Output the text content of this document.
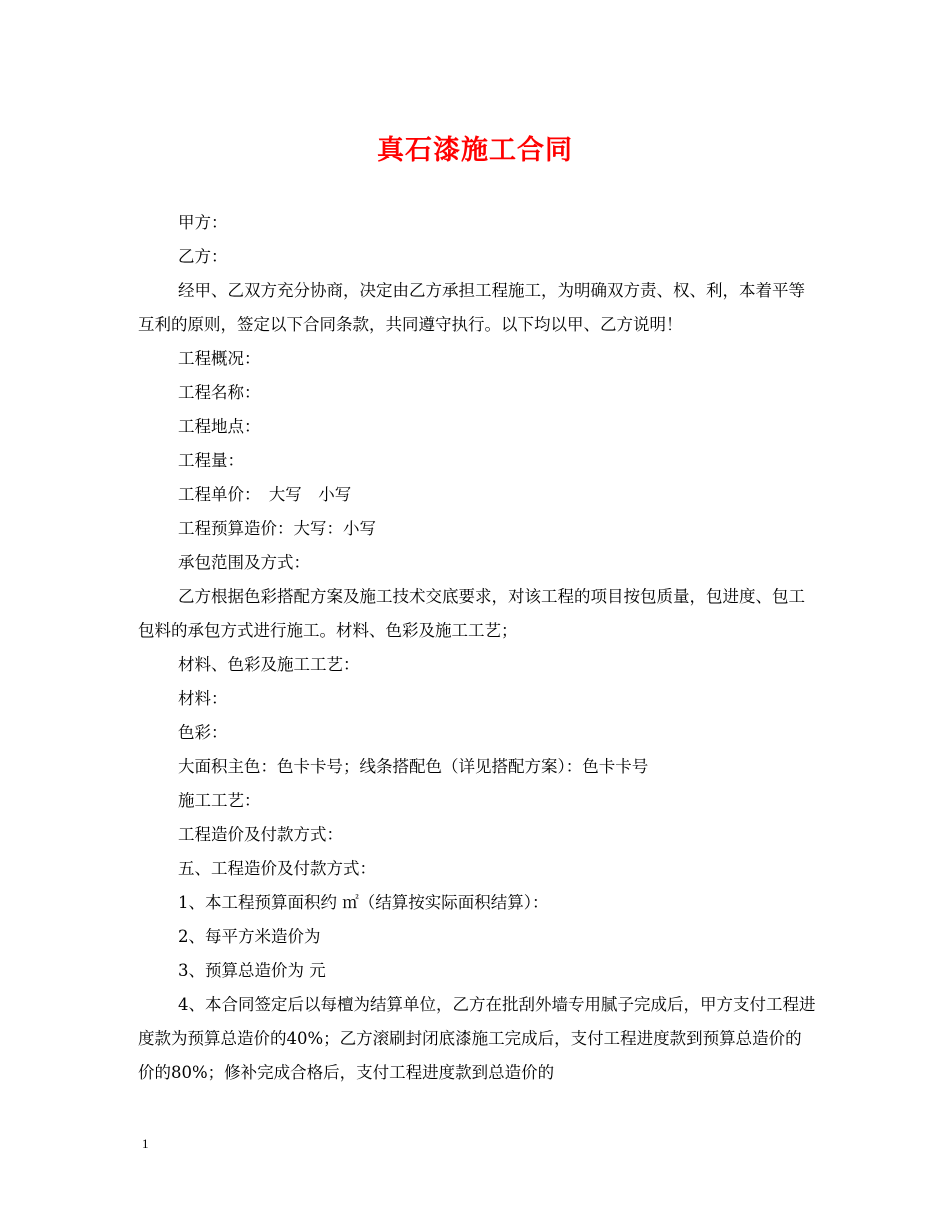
真石漆施工合同

甲方：

乙方：

经甲、乙双方充分协商，决定由乙方承担工程施工，为明确双方责、权、利，本着平等互利的原则，签定以下合同条款，共同遵守执行。以下均以甲、乙方说明！

工程概况：

工程名称：

工程地点：

工程量：

工程单价：　大写　小写

工程预算造价：大写：小写

承包范围及方式：

乙方根据色彩搭配方案及施工技术交底要求，对该工程的项目按包质量，包进度、包工包料的承包方式进行施工。材料、色彩及施工工艺；

材料、色彩及施工工艺：

材料：

色彩：

大面积主色：色卡卡号；线条搭配色（详见搭配方案）：色卡卡号

施工工艺：

工程造价及付款方式：

五、工程造价及付款方式：

1、本工程预算面积约 ㎡（结算按实际面积结算）：

2、每平方米造价为

3、预算总造价为 元

4、本合同签定后以每檀为结算单位，乙方在批刮外墙专用腻子完成后，甲方支付工程进度款为预算总造价的40%；乙方滚刷封闭底漆施工完成后，支付工程进度款到预算总造价的价的80%；修补完成合格后，支付工程进度款到总造价的

1
